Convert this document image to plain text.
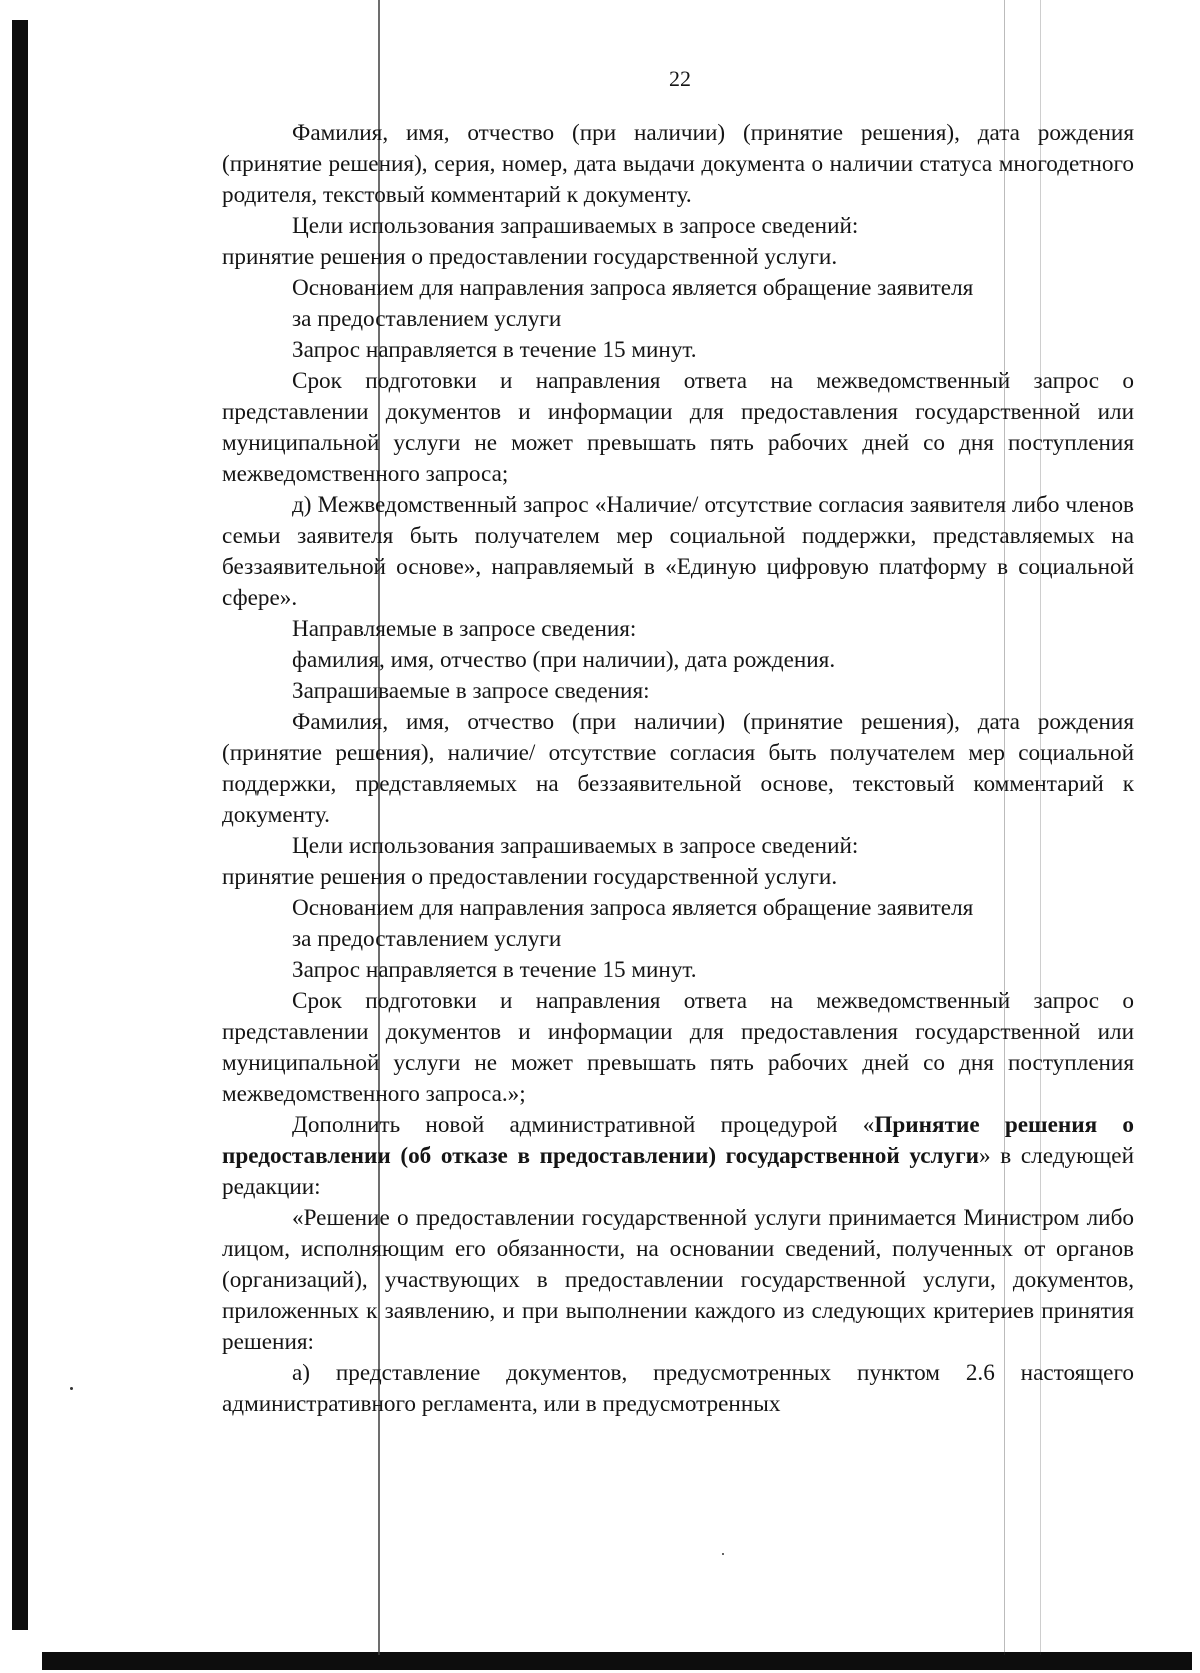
22

Фамилия, имя, отчество (при наличии) (принятие решения), дата рождения (принятие решения), серия, номер, дата выдачи документа о наличии статуса многодетного родителя, текстовый комментарий к документу.

Цели использования запрашиваемых в запросе сведений:

принятие решения о предоставлении государственной услуги.

Основанием для направления запроса является обращение заявителя

за предоставлением услуги

Запрос направляется в течение 15 минут.

Срок подготовки и направления ответа на межведомственный запрос о представлении документов и информации для предоставления государственной или муниципальной услуги не может превышать пять рабочих дней со дня поступления межведомственного запроса;

д) Межведомственный запрос «Наличие/ отсутствие согласия заявителя либо членов семьи заявителя быть получателем мер социальной поддержки, представляемых на беззаявительной основе», направляемый в «Единую цифровую платформу в социальной сфере».

Направляемые в запросе сведения:

фамилия, имя, отчество (при наличии), дата рождения.

Запрашиваемые в запросе сведения:

Фамилия, имя, отчество (при наличии) (принятие решения), дата рождения (принятие решения), наличие/ отсутствие согласия быть получателем мер социальной поддержки, представляемых на беззаявительной основе, текстовый комментарий к документу.

Цели использования запрашиваемых в запросе сведений:

принятие решения о предоставлении государственной услуги.

Основанием для направления запроса является обращение заявителя

за предоставлением услуги

Запрос направляется в течение 15 минут.

Срок подготовки и направления ответа на межведомственный запрос о представлении документов и информации для предоставления государственной или муниципальной услуги не может превышать пять рабочих дней со дня поступления межведомственного запроса.»;

Дополнить новой административной процедурой «Принятие решения о предоставлении (об отказе в предоставлении) государственной услуги» в следующей редакции:

«Решение о предоставлении государственной услуги принимается Министром либо лицом, исполняющим его обязанности, на основании сведений, полученных от органов (организаций), участвующих в предоставлении государственной услуги, документов, приложенных к заявлению, и при выполнении каждого из следующих критериев принятия решения:

а) представление документов, предусмотренных пунктом 2.6 настоящего административного регламента, или в предусмотренных
